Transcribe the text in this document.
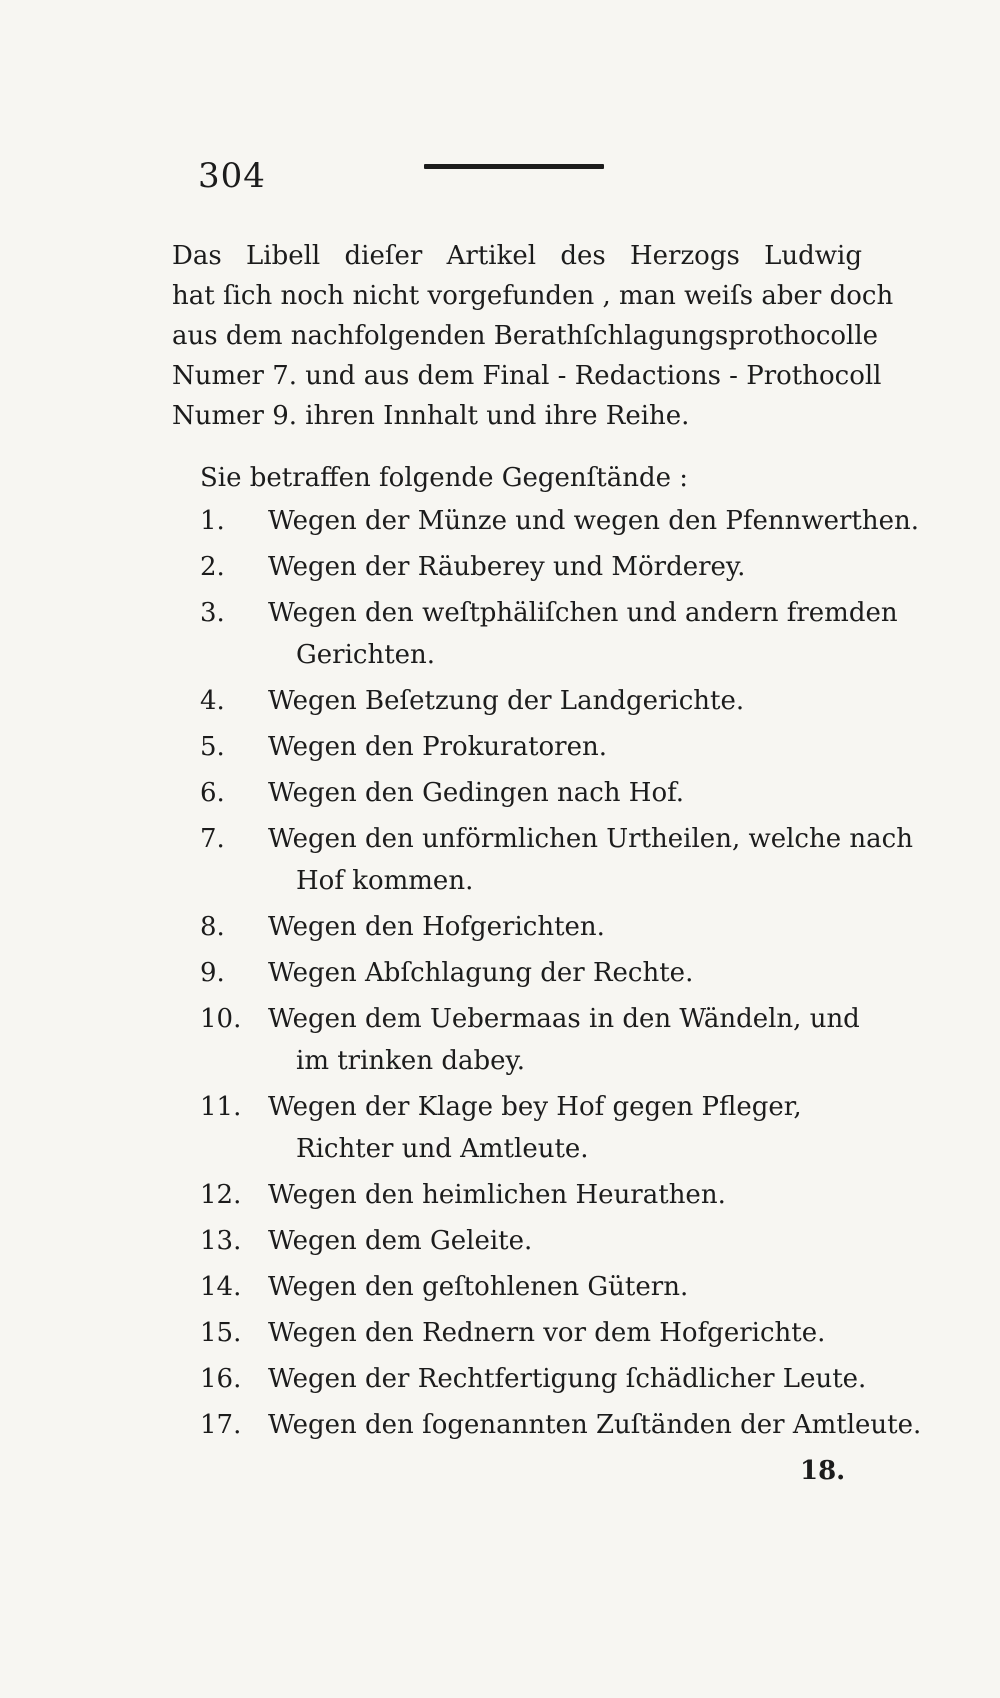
304
Das Libell dieſer Artikel des Herzogs Ludwig
hat ſich noch nicht vorgefunden , man weiſs aber doch
aus dem nachfolgenden Berathſchlagungsprothocolle
Numer 7. und aus dem Final - Redactions - Prothocoll
Numer 9. ihren Innhalt und ihre Reihe.
Sie betraffen folgende Gegenſtände :
1.	Wegen der Münze und wegen den Pfennwerthen.
2.	Wegen der Räuberey und Mörderey.
3.	Wegen den weſtphäliſchen und andern fremden
Gerichten.
4.	Wegen Beſetzung der Landgerichte.
5.	Wegen den Prokuratoren.
6.	Wegen den Gedingen nach Hof.
7.	Wegen den unförmlichen Urtheilen, welche nach
Hof kommen.
8.	Wegen den Hofgerichten.
9.	Wegen Abſchlagung der Rechte.
10.	Wegen dem Uebermaas in den Wändeln, und
im trinken dabey.
11.	Wegen der Klage bey Hof gegen Pfleger,
Richter und Amtleute.
12.	Wegen den heimlichen Heurathen.
13.	Wegen dem Geleite.
14.	Wegen den geſtohlenen Gütern.
15.	Wegen den Rednern vor dem Hofgerichte.
16.	Wegen der Rechtfertigung ſchädlicher Leute.
17.	Wegen den ſogenannten Zuſtänden der Amtleute.
18.
